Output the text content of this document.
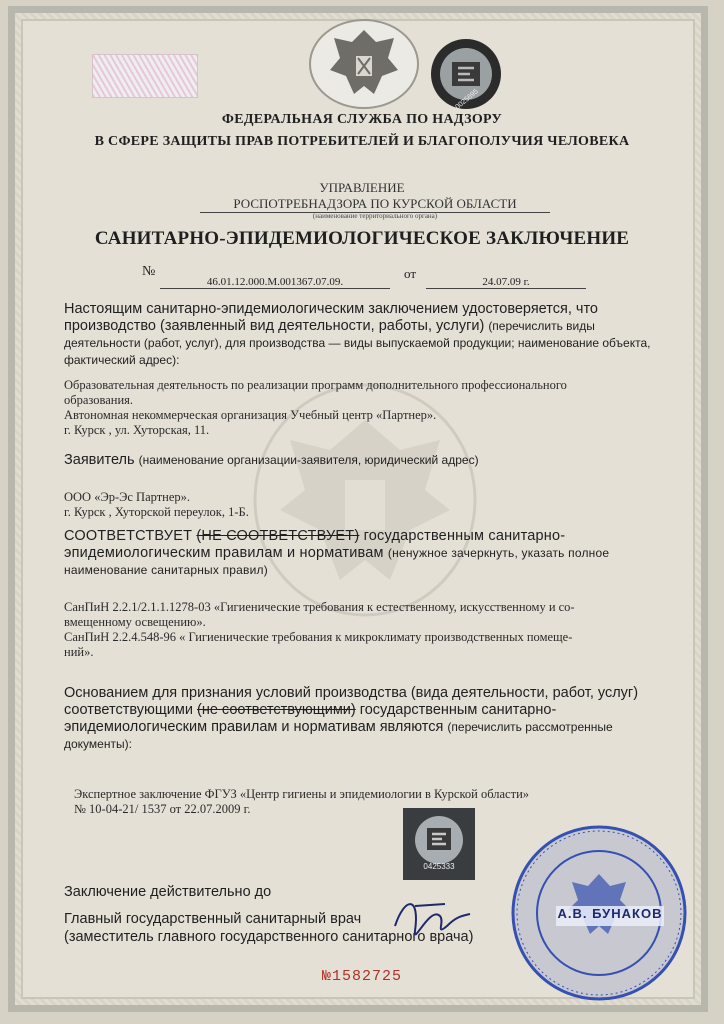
0025695
ФЕДЕРАЛЬНАЯ СЛУЖБА ПО НАДЗОРУ
В СФЕРЕ ЗАЩИТЫ ПРАВ ПОТРЕБИТЕЛЕЙ И БЛАГОПОЛУЧИЯ ЧЕЛОВЕКА
УПРАВЛЕНИЕ
РОСПОТРЕБНАДЗОРА ПО КУРСКОЙ ОБЛАСТИ
(наименование территориального органа)
САНИТАРНО-ЭПИДЕМИОЛОГИЧЕСКОЕ ЗАКЛЮЧЕНИЕ
№
46.01.12.000.М.001367.07.09.
от
24.07.09 г.
Настоящим санитарно-эпидемиологическим заключением удостоверяется, что производство (заявленный вид деятельности, работы, услуги) (перечислить виды деятельности (работ, услуг), для производства — виды выпускаемой продукции; наименование объекта, фактический адрес):
Образовательная деятельность по реализации программ дополнительного профессионального
образования.
Автономная некоммерческая организация Учебный центр «Партнер».
г. Курск , ул. Хуторская, 11.
Заявитель (наименование организации-заявителя, юридический адрес)
ООО «Эр-Эс Партнер».
г. Курск , Хуторской переулок, 1-Б.
СООТВЕТСТВУЕТ (НЕ СООТВЕТСТВУЕТ) государственным санитарно-эпидемиологическим правилам и нормативам (ненужное зачеркнуть, указать полное наименование санитарных правил)
СанПиН 2.2.1/2.1.1.1278-03 «Гигиенические требования к естественному, искусственному и со-
вмещенному освещению».
СанПиН 2.2.4.548-96 « Гигиенические требования к микроклимату производственных помеще-
ний».
Основанием для признания условий производства (вида деятельности, работ, услуг) соответствующими (не соответствующими) государственным санитарно-эпидемиологическим правилам и нормативам являются (перечислить рассмотренные документы):
Экспертное заключение ФГУЗ «Центр гигиены и эпидемиологии в Курской области»
№ 10-04-21/ 1537 от 22.07.2009 г.
0425333
Заключение действительно до
Главный государственный санитарный врач
(заместитель главного государственного санитарного врача)
А.В. БУНАКОВ
№1582725
